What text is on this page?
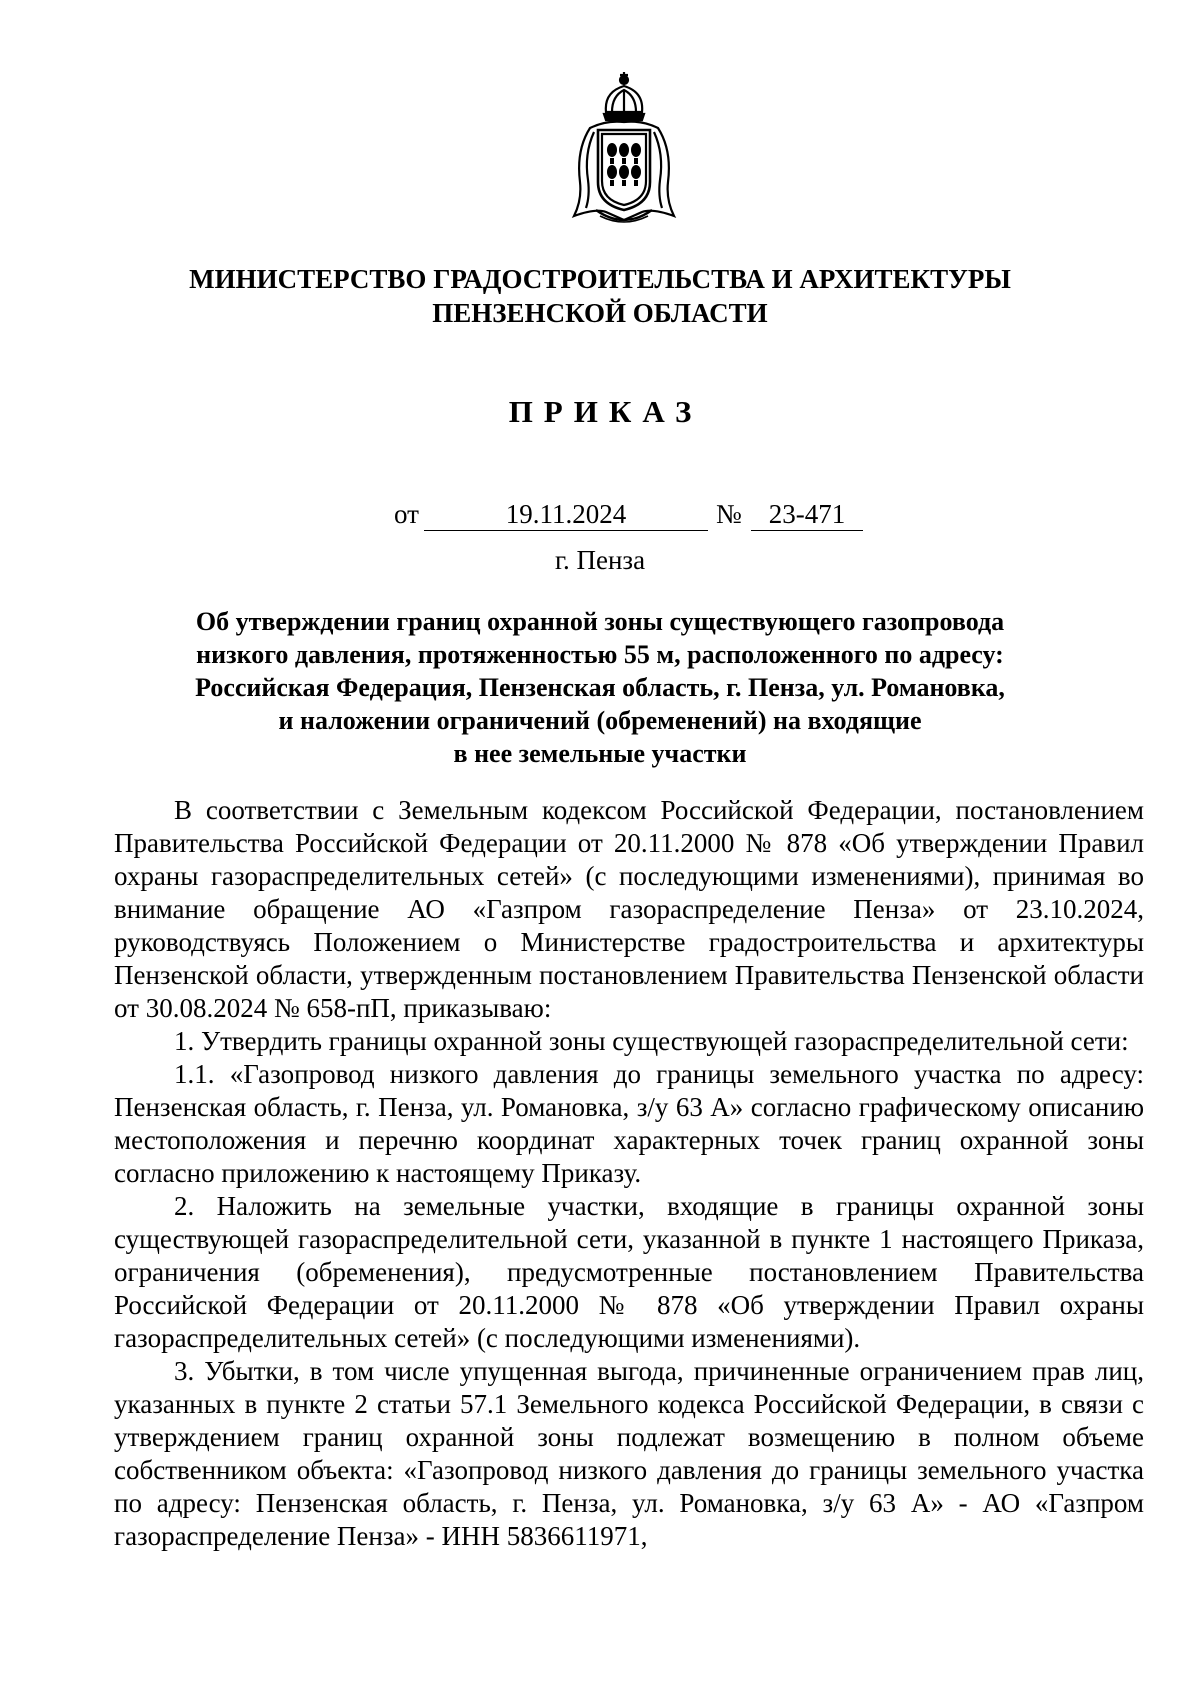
МИНИСТЕРСТВО ГРАДОСТРОИТЕЛЬСТВА И АРХИТЕКТУРЫ
ПЕНЗЕНСКОЙ ОБЛАСТИ
ПРИКАЗ
от	19.11.2024	№ 23-471
г. Пенза
Об утверждении границ охранной зоны существующего газопровода
низкого давления, протяженностью 55 м, расположенного по адресу:
Российская Федерация, Пензенская область, г. Пенза, ул. Романовка,
и наложении ограничений (обременений) на входящие
в нее земельные участки

В соответствии с Земельным кодексом Российской Федерации, постановлением Правительства Российской Федерации от 20.11.2000 № 878 «Об утверждении Правил охраны газораспределительных сетей» (с последующими изменениями), принимая во внимание обращение АО «Газпром газораспределение Пенза» от 23.10.2024, руководствуясь Положением о Министерстве градостроительства и архитектуры Пензенской области, утвержденным постановлением Правительства Пензенской области от 30.08.2024 № 658-пП, приказываю:

1. Утвердить границы охранной зоны существующей газораспределительной сети:

1.1. «Газопровод низкого давления до границы земельного участка по адресу: Пензенская область, г. Пенза, ул. Романовка, з/у 63 А» согласно графическому описанию местоположения и перечню координат характерных точек границ охранной зоны согласно приложению к настоящему Приказу.

2. Наложить на земельные участки, входящие в границы охранной зоны существующей газораспределительной сети, указанной в пункте 1 настоящего Приказа, ограничения (обременения), предусмотренные постановлением Правительства Российской Федерации от 20.11.2000 № 878 «Об утверждении Правил охраны газораспределительных сетей» (с последующими изменениями).

3. Убытки, в том числе упущенная выгода, причиненные ограничением прав лиц, указанных в пункте 2 статьи 57.1 Земельного кодекса Российской Федерации, в связи с утверждением границ охранной зоны подлежат возмещению в полном объеме собственником объекта: «Газопровод низкого давления до границы земельного участка по адресу: Пензенская область, г. Пенза, ул. Романовка, з/у 63 А» - АО «Газпром газораспределение Пенза» - ИНН 5836611971,
